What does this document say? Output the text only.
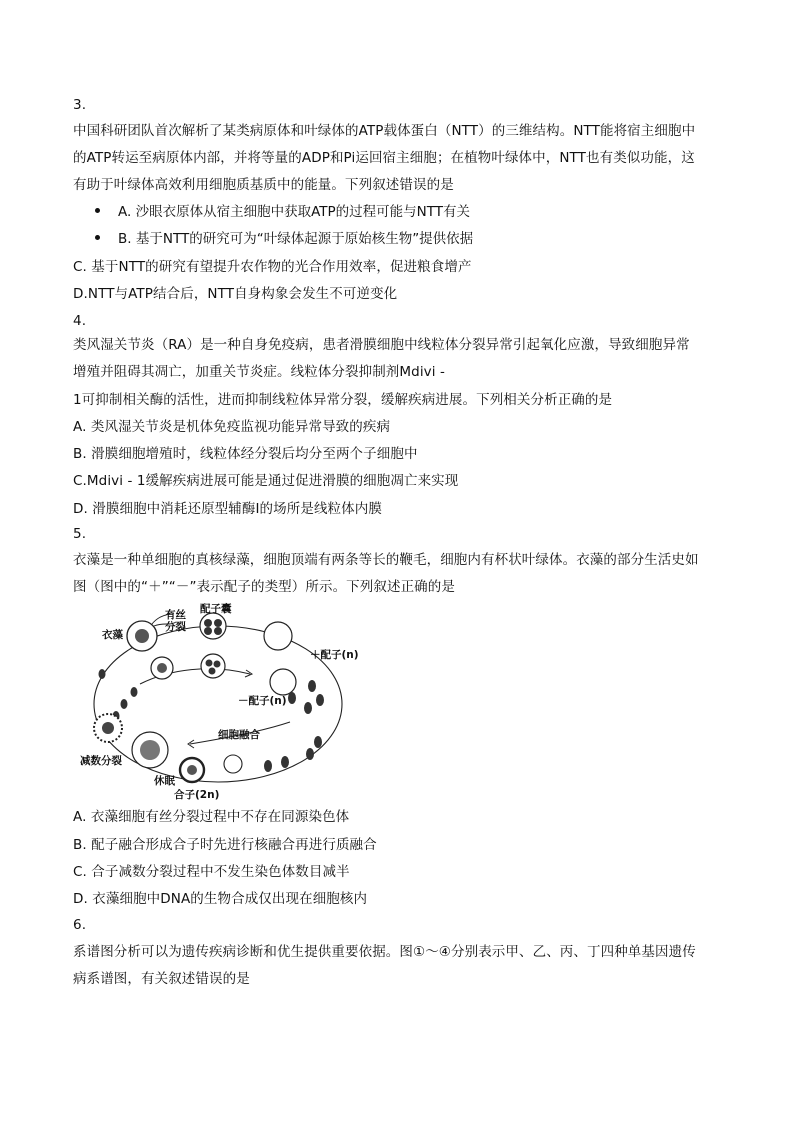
3.
中国科研团队首次解析了某类病原体和叶绿体的ATP载体蛋白（NTT）的三维结构。NTT能将宿主细胞中
的ATP转运至病原体内部，并将等量的ADP和Pi运回宿主细胞；在植物叶绿体中，NTT也有类似功能，这
有助于叶绿体高效利用细胞质基质中的能量。下列叙述错误的是
A. 沙眼衣原体从宿主细胞中获取ATP的过程可能与NTT有关
B. 基于NTT的研究可为“叶绿体起源于原始核生物”提供依据
C. 基于NTT的研究有望提升农作物的光合作用效率，促进粮食增产
D.NTT与ATP结合后，NTT自身构象会发生不可逆变化
4.
类风湿关节炎（RA）是一种自身免疫病，患者滑膜细胞中线粒体分裂异常引起氧化应激，导致细胞异常
增殖并阻碍其凋亡，加重关节炎症。线粒体分裂抑制剂Mdivi -
1可抑制相关酶的活性，进而抑制线粒体异常分裂，缓解疾病进展。下列相关分析正确的是
A. 类风湿关节炎是机体免疫监视功能异常导致的疾病
B. 滑膜细胞增殖时，线粒体经分裂后均分至两个子细胞中
C.Mdivi - 1缓解疾病进展可能是通过促进滑膜的细胞凋亡来实现
D. 滑膜细胞中消耗还原型辅酶Ⅰ的场所是线粒体内膜
5.
衣藻是一种单细胞的真核绿藻，细胞顶端有两条等长的鞭毛，细胞内有杯状叶绿体。衣藻的部分生活史如
图（图中的“＋”“－”表示配子的类型）所示。下列叙述正确的是
衣藻
有丝
分裂
配子囊
＋配子(n)
－配子(n)
细胞融合
减数分裂
休眠
合子(2n)
A. 衣藻细胞有丝分裂过程中不存在同源染色体
B. 配子融合形成合子时先进行核融合再进行质融合
C. 合子减数分裂过程中不发生染色体数目减半
D. 衣藻细胞中DNA的生物合成仅出现在细胞核内
6.
系谱图分析可以为遗传疾病诊断和优生提供重要依据。图①～④分别表示甲、乙、丙、丁四种单基因遗传
病系谱图，有关叙述错误的是
